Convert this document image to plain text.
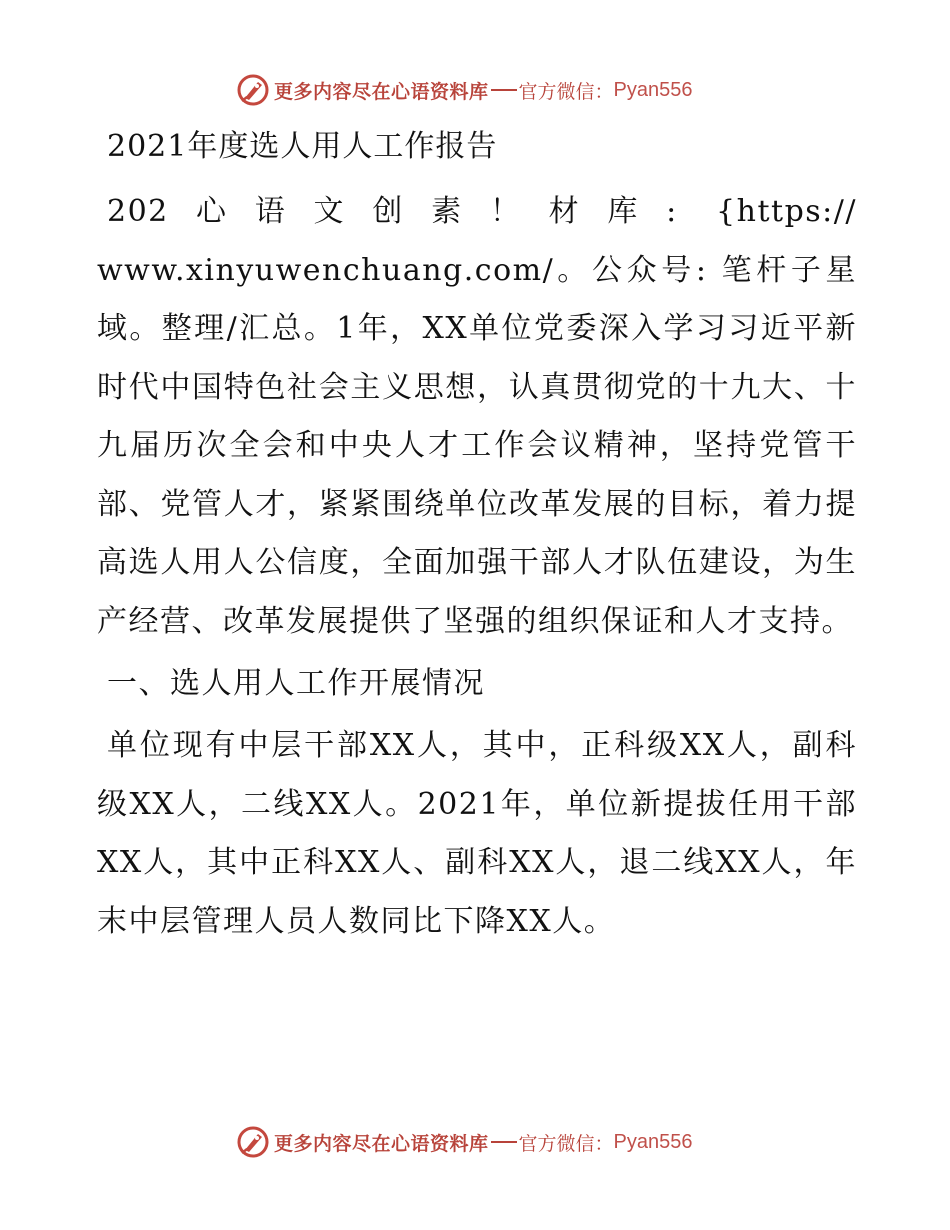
更多内容尽在心语资料库 官方微信： Pyan556
2021年度选人用人工作报告

202心语文创素！材库: {https:// www.xinyuwenchuang.com/。公众号: 笔杆子星域。整理/汇总。1年，XX单位党委深入学习习近平新时代中国特色社会主义思想，认真贯彻党的十九大、十九届历次全会和中央人才工作会议精神，坚持党管干部、党管人才，紧紧围绕单位改革发展的目标，着力提高选人用人公信度，全面加强干部人才队伍建设，为生产经营、改革发展提供了坚强的组织保证和人才支持。

一、选人用人工作开展情况

单位现有中层干部XX人，其中，正科级XX人，副科级XX人，二线XX人。2021年，单位新提拔任用干部XX人，其中正科XX人、副科XX人，退二线XX人，年末中层管理人员人数同比下降XX人。

更多内容尽在心语资料库 官方微信： Pyan556
